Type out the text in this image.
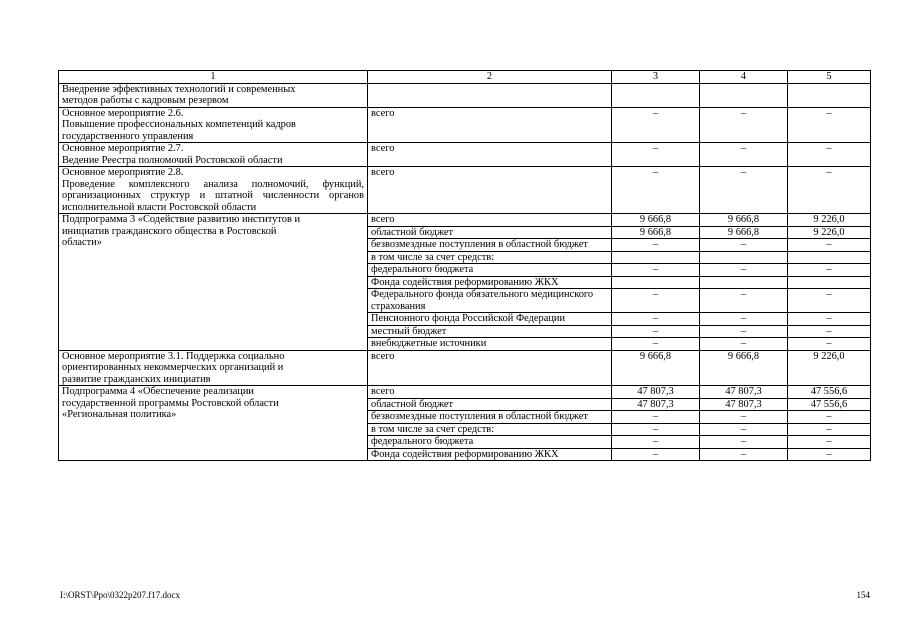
1	2	3	4	5

Внедрение эффективных технологий и современных
методов работы с кадровым резервом				

Основное мероприятие 2.6.
Повышение профессиональных компетенций кадров
государственного управления	всего	–	–	–

Основное мероприятие 2.7.
Ведение Реестра полномочий Ростовской области	всего	–	–	–

Основное мероприятие 2.8.
Проведение комплексного анализа полномочий, функций, организационных структур и штатной численности органов исполнительной власти Ростовской области	всего	–	–	–

Подпрограмма 3 «Содействие развитию институтов и
инициатив гражданского общества в Ростовской
области»	всего	9 666,8	9 666,8	9 226,0
	областной бюджет	9 666,8	9 666,8	9 226,0
	безвозмездные поступления в областной бюджет	–	–	–
	в том числе за счет средств:			
	федерального бюджета	–	–	–
	Фонда содействия реформированию ЖКХ			
	Федерального фонда обязательного медицинского страхования	–	–	–
	Пенсионного фонда Российской Федерации	–	–	–
	местный бюджет	–	–	–
	внебюджетные источники	–	–	–

Основное мероприятие 3.1. Поддержка социально
ориентированных некоммерческих организаций и
развитие гражданских инициатив	всего	9 666,8	9 666,8	9 226,0

Подпрограмма 4 «Обеспечение реализации
государственной программы Ростовской области
«Региональная политика»	всего	47 807,3	47 807,3	47 556,6
	областной бюджет	47 807,3	47 807,3	47 556,6
	безвозмездные поступления в областной бюджет	–	–	–
	в том числе за счет средств:	–	–	–
	федерального бюджета	–	–	–
	Фонда содействия реформированию ЖКХ	–	–	–
I:\ORST\Ppo\0322p207.f17.docx	154
